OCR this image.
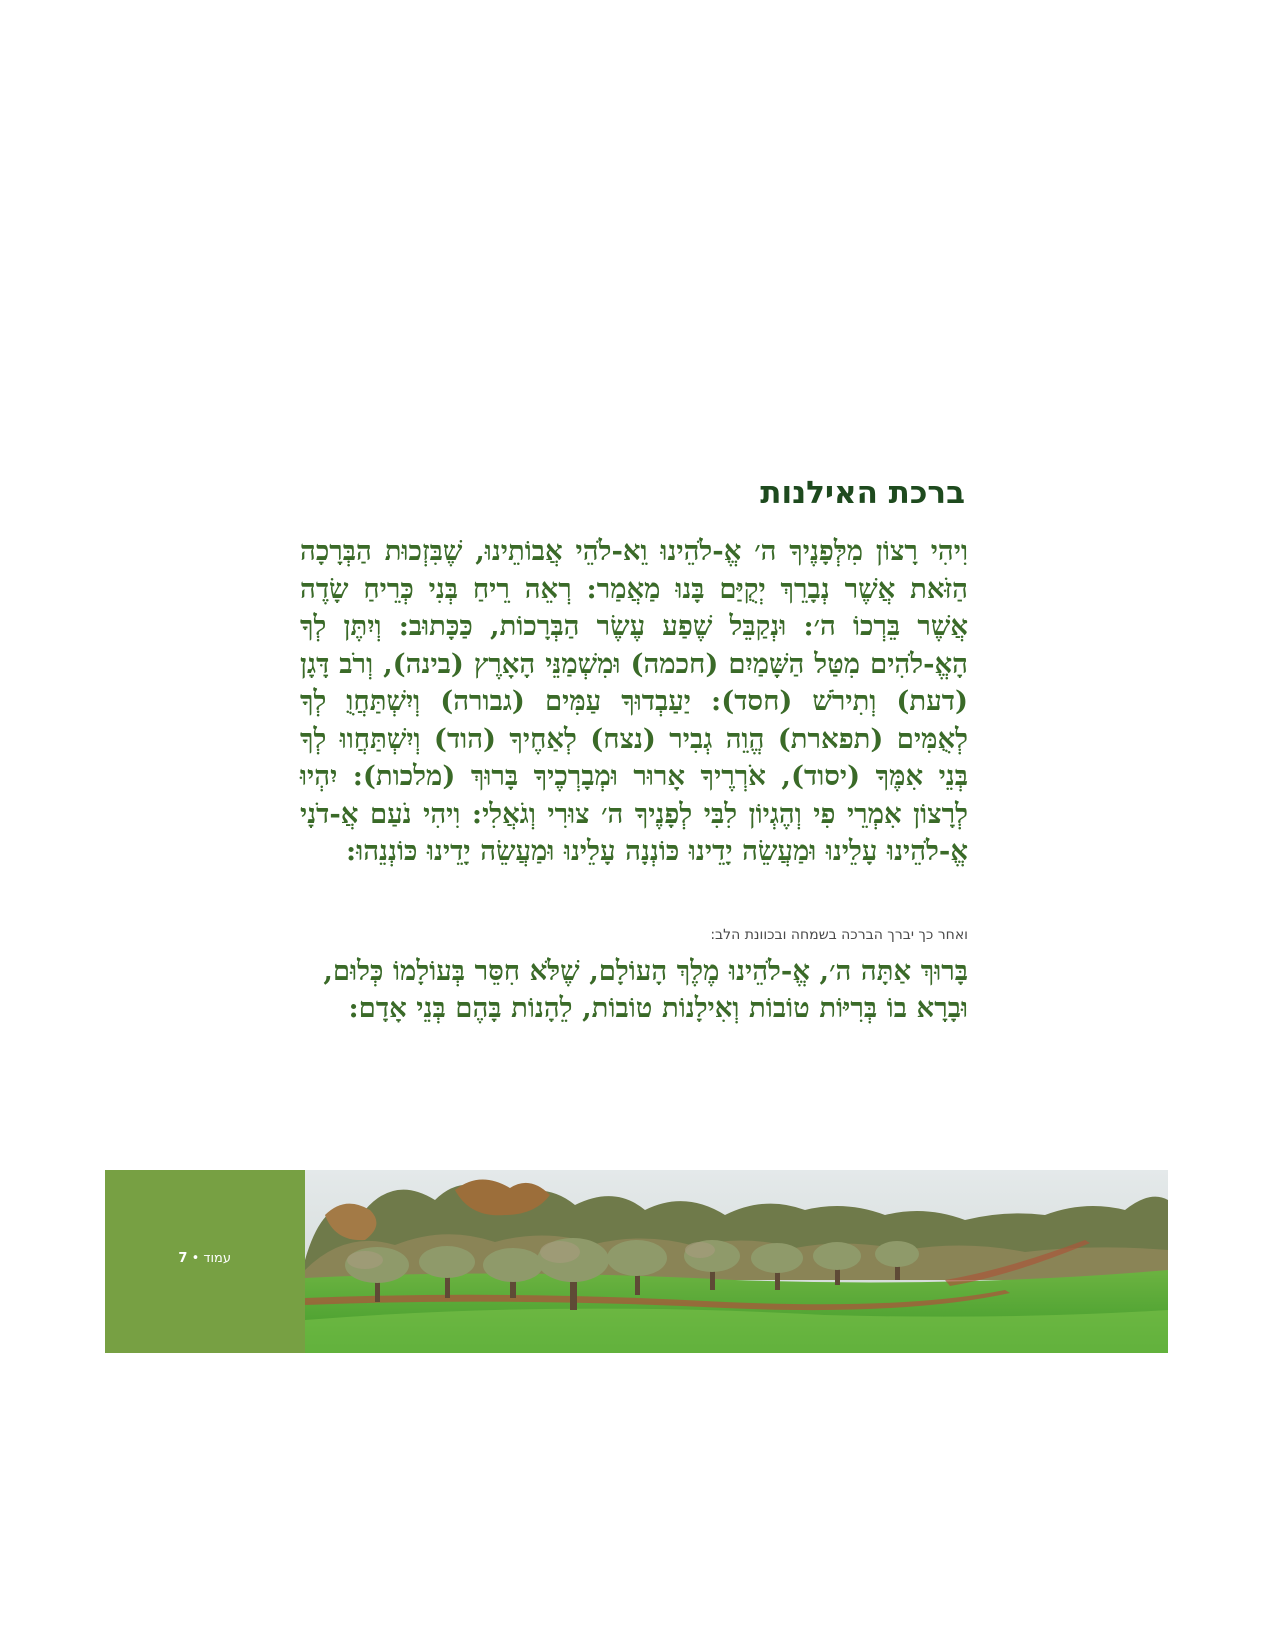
ברכת האילנות

וִיהִי רָצוֹן מִלְּפָנֶיךָ ה׳ אֱ-לֹהֵינוּ וֵא-לֹהֵי אֲבוֹתֵינוּ, שֶׁבִּזְכוּת הַבְּרָכָה הַזֹּאת אֲשֶׁר נְבָרֵךְ יְקֻיַּם בָּנוּ מַאֲמַר: רְאֵה רֵיחַ בְּנִי כְּרֵיחַ שָׂדֶה אֲשֶׁר בֵּרְכוֹ ה׳: וּנְקַבֵּל שֶׁפַע עֶשֶׂר הַבְּרָכוֹת, כַּכָּתוּב: וְיִתֶּן לְךָ הָאֱ-לֹהִים מִטַּל הַשָּׁמַיִם (חכמה) וּמִשְׁמַנֵּי הָאָרֶץ (בינה), וְרֹב דָּגָן (דעת) וְתִירֹשׁ (חסד): יַעַבְדוּךָ עַמִּים (גבורה) וְיִשְׁתַּחֲוֻ לְךָ לְאֻמִּים (תפארת) הֱוֵה גְבִיר (נצח) לְאַחֶיךָ (הוד) וְיִשְׁתַּחֲווּ לְךָ בְּנֵי אִמֶּךָ (יסוד), אֹרְרֶיךָ אָרוּר וּמְבָרְכֶיךָ בָּרוּךְ (מלכות): יִהְיוּ לְרָצוֹן אִמְרֵי פִי וְהֶגְיוֹן לִבִּי לְפָנֶיךָ ה׳ צוּרִי וְגֹאֲלִי: וִיהִי נֹעַם אֲ-דֹנָי אֱ-לֹהֵינוּ עָלֵינוּ וּמַעֲשֵׂה יָדֵינוּ כּוֹנְנָה עָלֵינוּ וּמַעֲשֵׂה יָדֵינוּ כּוֹנְנֵהוּ:

ואחר כך יברך הברכה בשמחה ובכוונת הלב:

בָּרוּךְ אַתָּה ה׳, אֱ-לֹהֵינוּ מֶלֶךְ הָעוֹלָם, שֶׁלֹּא חִסֵּר בְּעוֹלָמוֹ כְּלוּם,
וּבָרָא בוֹ בְּרִיּוֹת טוֹבוֹת וְאִילָנוֹת טוֹבוֹת, לֵהָנוֹת בָּהֶם בְּנֵי אָדָם:
עמוד • 7
